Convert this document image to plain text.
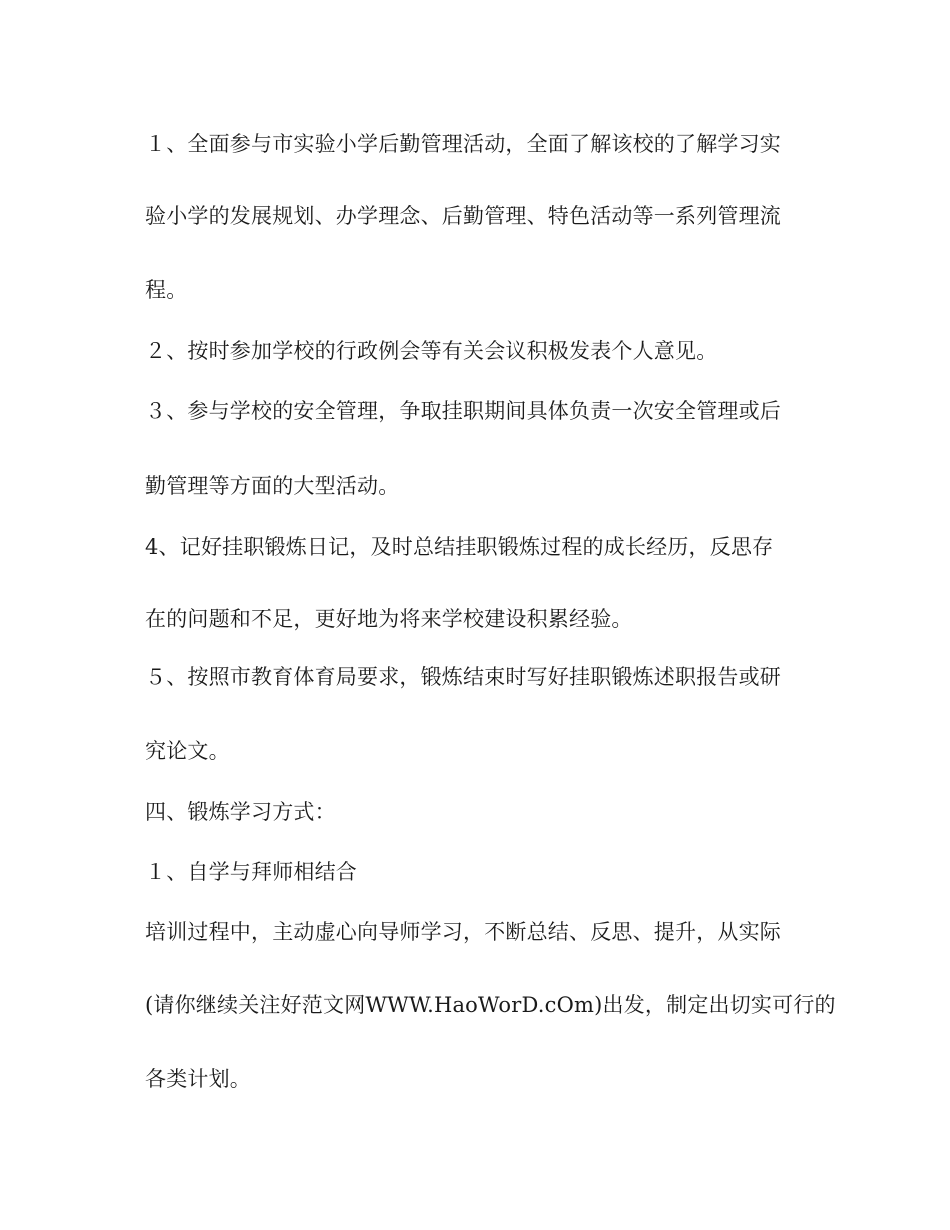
１、全面参与市实验小学后勤管理活动，全面了解该校的了解学习实
验小学的发展规划、办学理念、后勤管理、特色活动等一系列管理流
程。
２、按时参加学校的行政例会等有关会议积极发表个人意见。
３、参与学校的安全管理，争取挂职期间具体负责一次安全管理或后
勤管理等方面的大型活动。
4、记好挂职锻炼日记，及时总结挂职锻炼过程的成长经历，反思存
在的问题和不足，更好地为将来学校建设积累经验。
５、按照市教育体育局要求，锻炼结束时写好挂职锻炼述职报告或研
究论文。
四、锻炼学习方式：
１、自学与拜师相结合
培训过程中，主动虚心向导师学习，不断总结、反思、提升，从实际
(请你继续关注好范文网WWW.HaoWorD.cOm)出发，制定出切实可行的
各类计划。
